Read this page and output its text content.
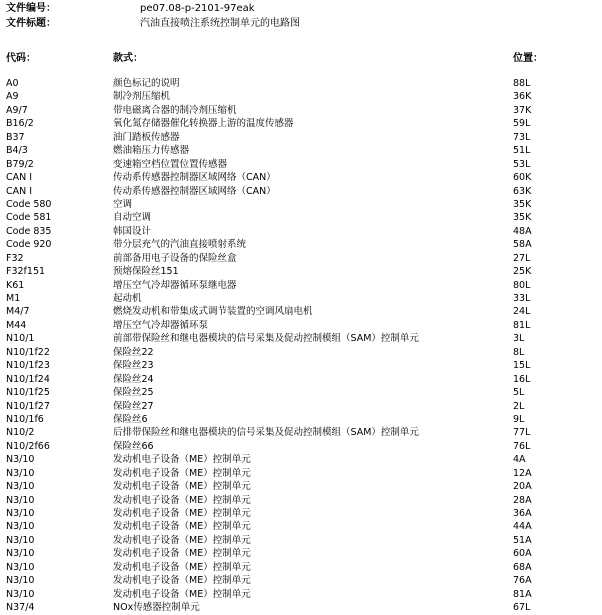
文件编号：	pe07.08-p-2101-97eak
文件标题：	汽油直接喷注系统控制单元的电路图
代码：	款式：	位置：
A0	颜色标记的说明	88L
A9	制冷剂压缩机	36K
A9/7	带电磁离合器的制冷剂压缩机	37K
B16/2	氧化氮存储器催化转换器上游的温度传感器	59L
B37	油门踏板传感器	73L
B4/3	燃油箱压力传感器	51L
B79/2	变速箱空档位置位置传感器	53L
CAN I	传动系传感器控制器区域网络（CAN）	60K
CAN I	传动系传感器控制器区域网络（CAN）	63K
Code 580	空调	35K
Code 581	自动空调	35K
Code 835	韩国设计	48A
Code 920	带分层充气的汽油直接喷射系统	58A
F32	前部备用电子设备的保险丝盒	27L
F32f151	预熔保险丝151	25K
K61	增压空气冷却器循环泵继电器	80L
M1	起动机	33L
M4/7	燃烧发动机和带集成式调节装置的空调风扇电机	24L
M44	增压空气冷却器循环泵	81L
N10/1	前部带保险丝和继电器模块的信号采集及促动控制模组（SAM）控制单元	3L
N10/1f22	保险丝22	8L
N10/1f23	保险丝23	15L
N10/1f24	保险丝24	16L
N10/1f25	保险丝25	5L
N10/1f27	保险丝27	2L
N10/1f6	保险丝6	9L
N10/2	后排带保险丝和继电器模块的信号采集及促动控制模组（SAM）控制单元	77L
N10/2f66	保险丝66	76L
N3/10	发动机电子设备（ME）控制单元	4A
N3/10	发动机电子设备（ME）控制单元	12A
N3/10	发动机电子设备（ME）控制单元	20A
N3/10	发动机电子设备（ME）控制单元	28A
N3/10	发动机电子设备（ME）控制单元	36A
N3/10	发动机电子设备（ME）控制单元	44A
N3/10	发动机电子设备（ME）控制单元	51A
N3/10	发动机电子设备（ME）控制单元	60A
N3/10	发动机电子设备（ME）控制单元	68A
N3/10	发动机电子设备（ME）控制单元	76A
N3/10	发动机电子设备（ME）控制单元	81A
N37/4	NOx传感器控制单元	67L
